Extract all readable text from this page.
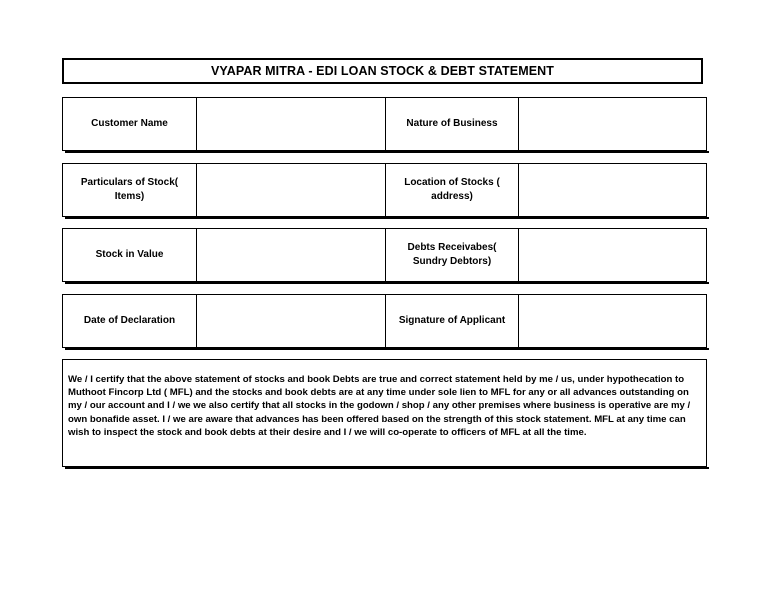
VYAPAR MITRA - EDI LOAN STOCK & DEBT STATEMENT
Customer Name	Nature of Business
Particulars of Stock( Items)
Location of Stocks ( address)
Stock in Value
Debts Receivabes( Sundry Debtors)
Date of Declaration	Signature of Applicant
We / I certify that the above statement of stocks and book Debts are true and correct statement held by me / us, under hypothecation to Muthoot Fincorp Ltd ( MFL) and the stocks and book debts are at any time under sole lien to MFL for any or all advances outstanding on my / our account and I / we we also certify that all stocks in the godown / shop / any other premises where business is operative are my / own bonafide asset. I / we are aware that advances has been offered based on the strength of this stock statement. MFL at any time can wish to inspect the stock and book debts at their desire and I / we will co-operate to officers of MFL at all the time.
